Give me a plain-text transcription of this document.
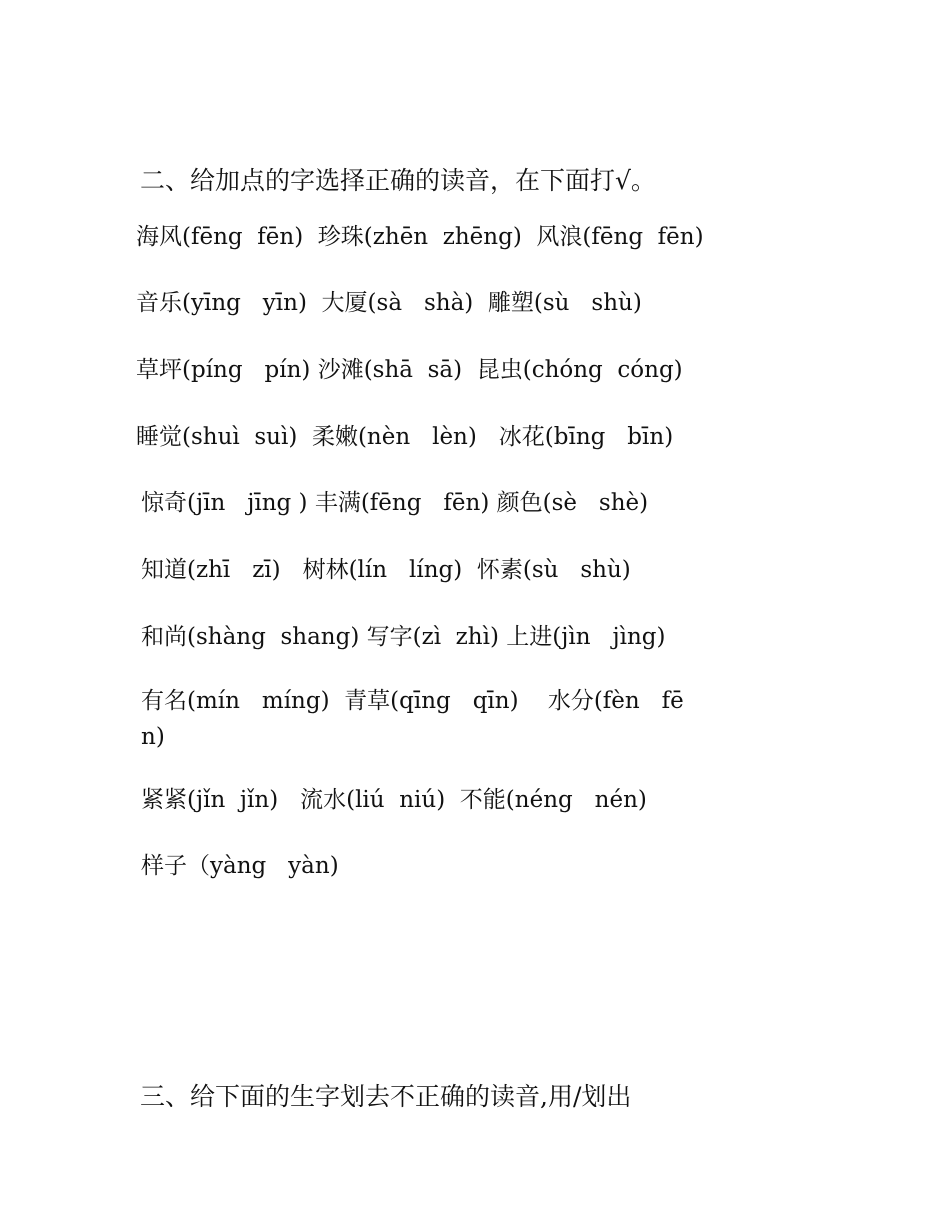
二、给加点的字选择正确的读音，在下面打√。
海风(fēng  fēn)  珍珠(zhēn  zhēng)  风浪(fēng  fēn)
音乐(yīng   yīn)  大厦(sà   shà)  雕塑(sù   shù)
草坪(píng   pín) 沙滩(shā  sā)  昆虫(chóng  cóng)
睡觉(shuì  suì)  柔嫩(nèn   lèn)   冰花(bīng   bīn)
惊奇(jīn   jīng ) 丰满(fēng   fēn) 颜色(sè   shè)
知道(zhī   zī)   树林(lín   líng)  怀素(sù   shù)
和尚(shàng  shang) 写字(zì  zhì) 上进(jìn   jìng)
有名(mín   míng)  青草(qīng   qīn)    水分(fèn   fē
n)
紧紧(jǐn  jǐn)   流水(liú  niú)  不能(néng   nén)
样子（yàng   yàn)
三、给下面的生字划去不正确的读音,用/划出
